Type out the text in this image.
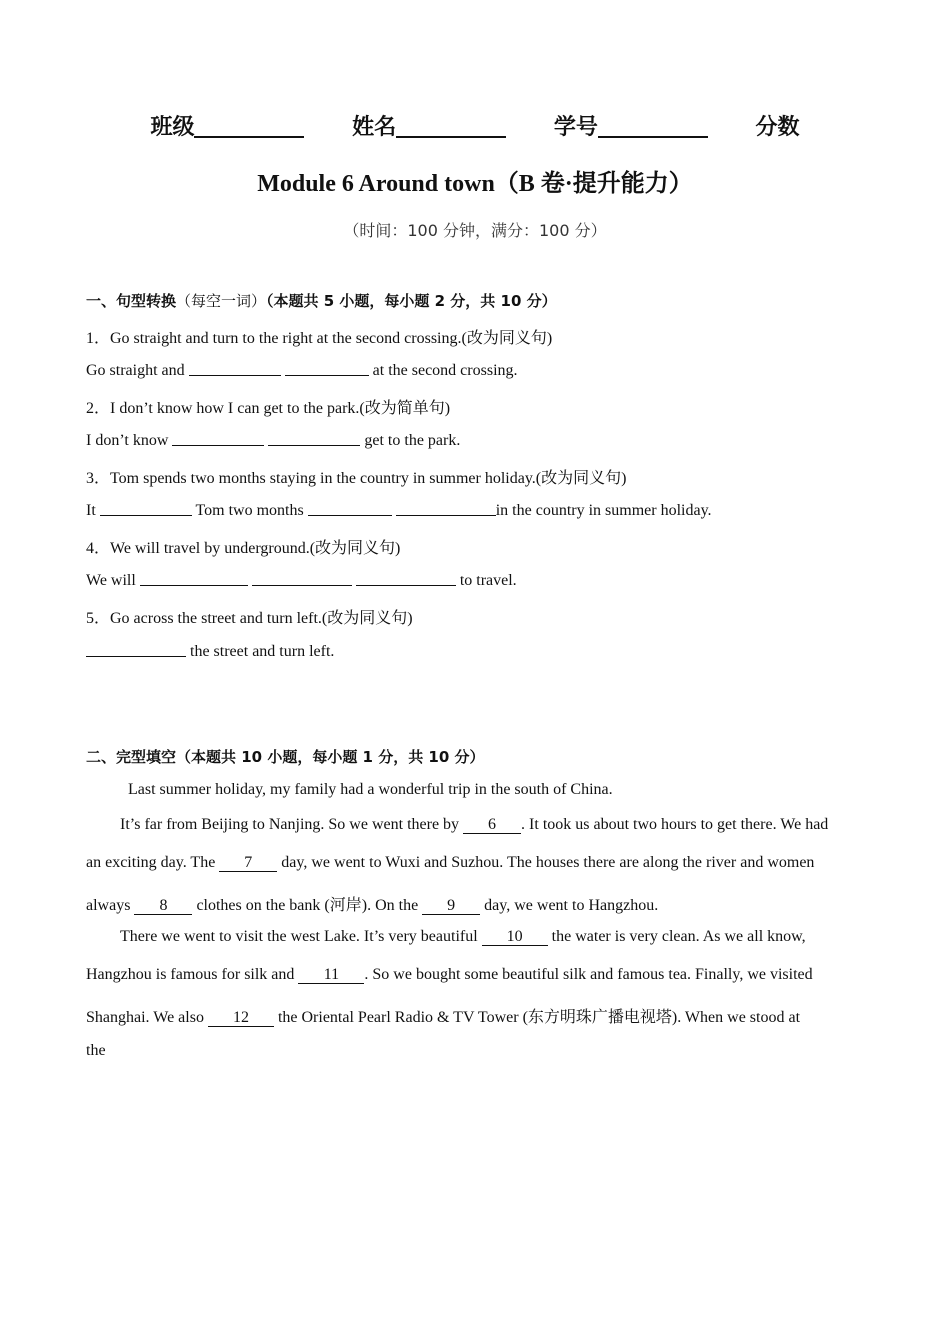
班级	姓名	学号	分数
Module 6 Around town（B 卷·提升能力）
（时间：100 分钟，满分：100 分）
一、句型转换（每空一词）（本题共 5 小题，每小题 2 分，共 10 分）
1．Go straight and turn to the right at the second crossing.(改为同义句)
Go straight and	at the second crossing.
2．I don’t know how I can get to the park.(改为简单句)
I don’t know	get to the park.
3．Tom spends two months staying in the country in summer holiday.(改为同义句)
It	Tom two months	in the country in summer holiday.
4．We will travel by underground.(改为同义句)
We will	to travel.
5．Go across the street and turn left.(改为同义句)
the street and turn left.
二、完型填空（本题共 10 小题，每小题 1 分，共 10 分）
Last summer holiday, my family had a wonderful trip in the south of China.
It’s far from Beijing to Nanjing. So we went there by 6 . It took us about two hours to get there. We had
an exciting day. The 7 day, we went to Wuxi and Suzhou. The houses there are along the river and women
always 8 clothes on the bank (河岸). On the 9 day, we went to Hangzhou.
There we went to visit the west Lake. It’s very beautiful 10 the water is very clean. As we all know,
Hangzhou is famous for silk and 11 . So we bought some beautiful silk and famous tea. Finally, we visited
Shanghai. We also 12 the Oriental Pearl Radio & TV Tower (东方明珠广播电视塔). When we stood at
the
